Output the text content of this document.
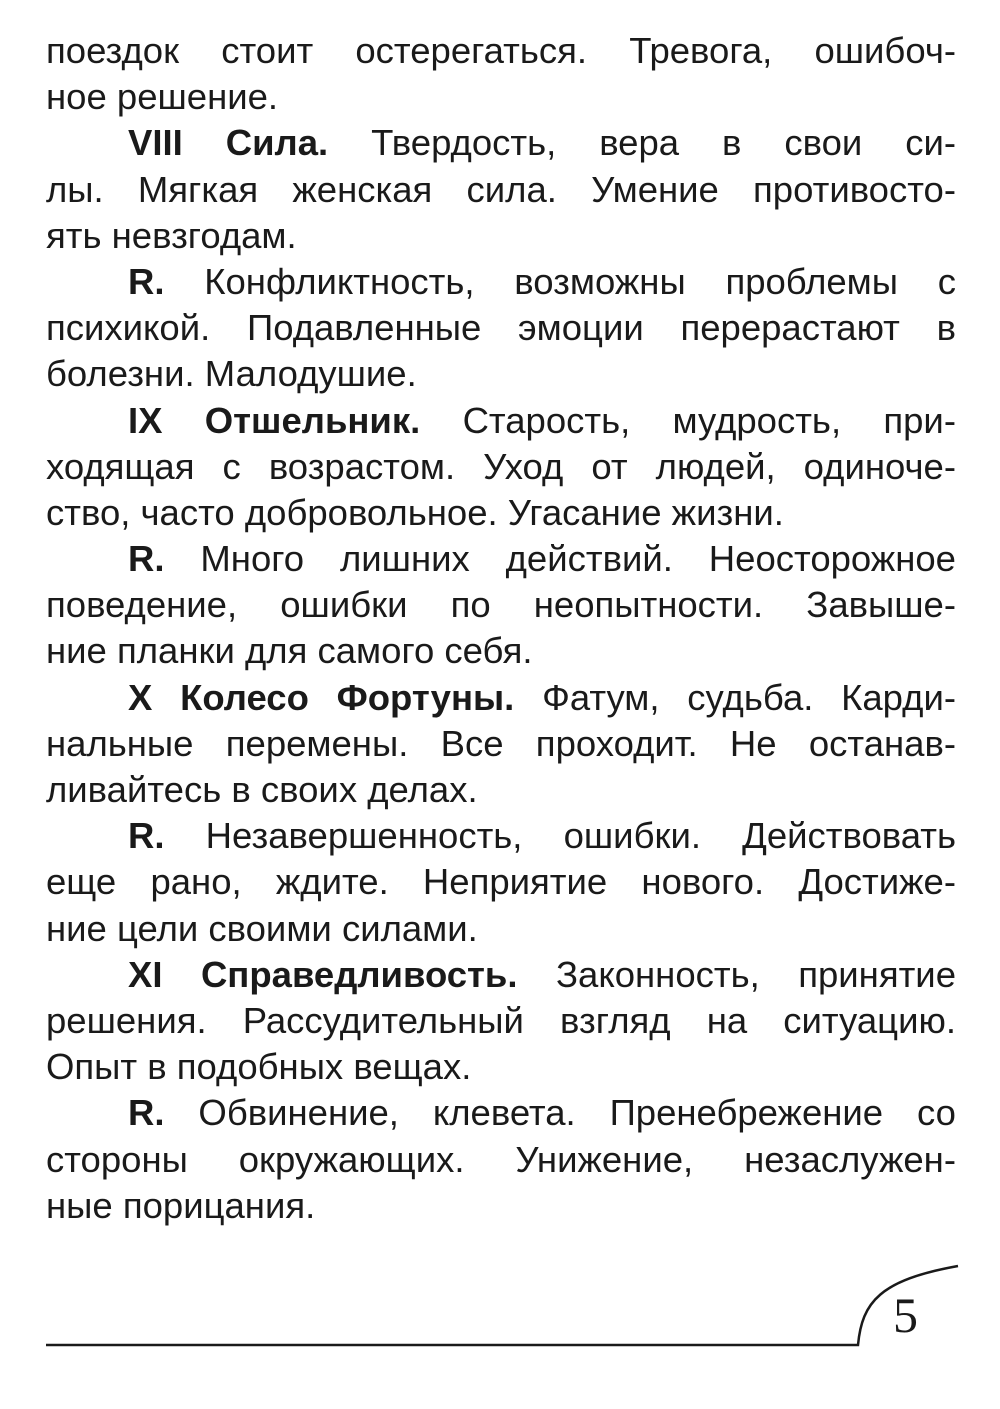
поездок стоит остерегаться. Тревога, ошибоч-
ное решение.
VIII Сила. Твердость, вера в свои си-
лы. Мягкая женская сила. Умение противосто-
ять невзгодам.
R. Конфликтность, возможны проблемы с
психикой. Подавленные эмоции перерастают в
болезни. Малодушие.
IX Отшельник. Старость, мудрость, при-
ходящая с возрастом. Уход от людей, одиноче-
ство, часто добровольное. Угасание жизни.
R. Много лишних действий. Неосторожное
поведение, ошибки по неопытности. Завыше-
ние планки для самого себя.
X Колесо Фортуны. Фатум, судьба. Карди-
нальные перемены. Все проходит. Не останав-
ливайтесь в своих делах.
R. Незавершенность, ошибки. Действовать
еще рано, ждите. Неприятие нового. Достиже-
ние цели своими силами.
XI Справедливость. Законность, принятие
решения. Рассудительный взгляд на ситуацию.
Опыт в подобных вещах.
R. Обвинение, клевета. Пренебрежение со
стороны окружающих. Унижение, незаслужен-
ные порицания.
5
